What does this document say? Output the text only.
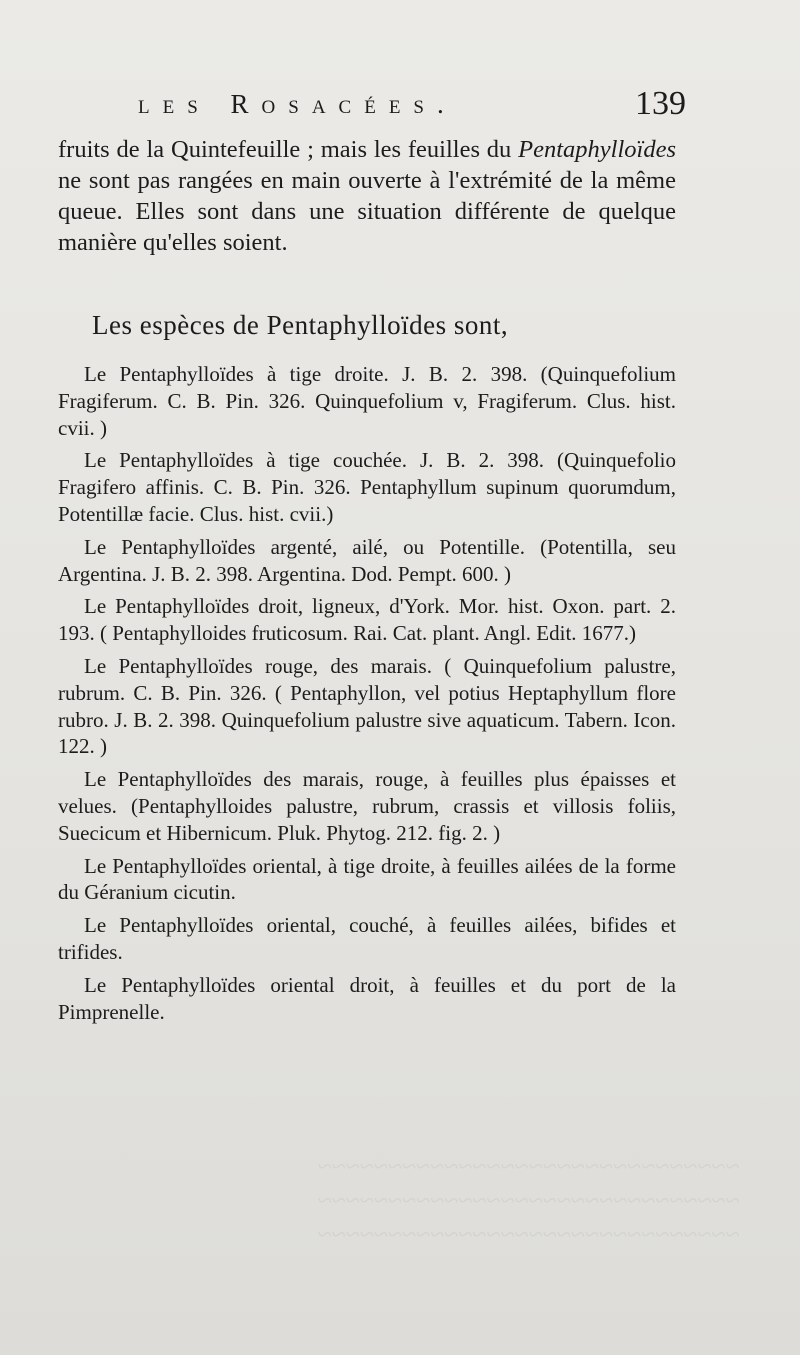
~~~~~~~~~~~~~~~~~~~~~~~~~~~~~~
~~~~~~~~~~~~~~~~~~~~~~~~~~~~~~
~~~~~~~~~~~~~~~~~~~~~~~~~~~~~~
les Rosacées.	139

fruits de la Quintefeuille ; mais les feuilles du Pentaphylloïdes ne sont pas rangées en main ouverte à l'extrémité de la même queue. Elles sont dans une situation différente de quelque manière qu'elles soient.

Les espèces de Pentaphylloïdes sont,

Le Pentaphylloïdes à tige droite. J. B. 2. 398. (Quinquefolium Fragiferum. C. B. Pin. 326. Quinquefolium v, Fragiferum. Clus. hist. cvii. )

Le Pentaphylloïdes à tige couchée. J. B. 2. 398. (Quinquefolio Fragifero affinis. C. B. Pin. 326. Pentaphyllum supinum quorumdum, Potentillæ facie. Clus. hist. cvii.)

Le Pentaphylloïdes argenté, ailé, ou Potentille. (Potentilla, seu Argentina. J. B. 2. 398. Argentina. Dod. Pempt. 600. )

Le Pentaphylloïdes droit, ligneux, d'York. Mor. hist. Oxon. part. 2. 193. ( Pentaphylloides fruticosum. Rai. Cat. plant. Angl. Edit. 1677.)

Le Pentaphylloïdes rouge, des marais. ( Quinquefolium palustre, rubrum. C. B. Pin. 326. ( Pentaphyllon, vel potius Heptaphyllum flore rubro. J. B. 2. 398. Quinquefolium palustre sive aquaticum. Tabern. Icon. 122. )

Le Pentaphylloïdes des marais, rouge, à feuilles plus épaisses et velues. (Pentaphylloides palustre, rubrum, crassis et villosis foliis, Suecicum et Hibernicum. Pluk. Phytog. 212. fig. 2. )

Le Pentaphylloïdes oriental, à tige droite, à feuilles ailées de la forme du Géranium cicutin.

Le Pentaphylloïdes oriental, couché, à feuilles ailées, bifides et trifides.

Le Pentaphylloïdes oriental droit, à feuilles et du port de la Pimprenelle.
